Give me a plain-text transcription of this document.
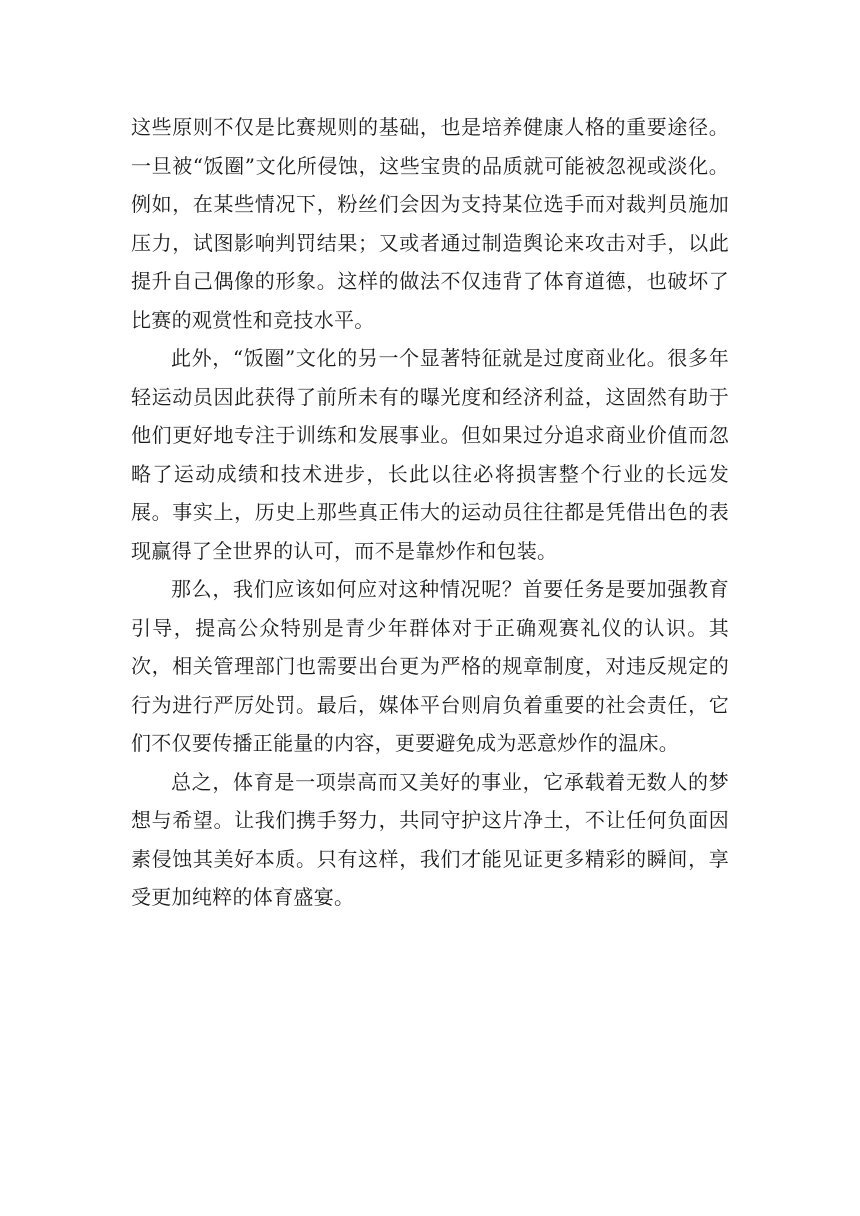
这些原则不仅是比赛规则的基础，也是培养健康人格的重要途径。一旦被“饭圈”文化所侵蚀，这些宝贵的品质就可能被忽视或淡化。例如，在某些情况下，粉丝们会因为支持某位选手而对裁判员施加压力，试图影响判罚结果；又或者通过制造舆论来攻击对手，以此提升自己偶像的形象。这样的做法不仅违背了体育道德，也破坏了比赛的观赏性和竞技水平。

此外，“饭圈”文化的另一个显著特征就是过度商业化。很多年轻运动员因此获得了前所未有的曝光度和经济利益，这固然有助于他们更好地专注于训练和发展事业。但如果过分追求商业价值而忽略了运动成绩和技术进步，长此以往必将损害整个行业的长远发展。事实上，历史上那些真正伟大的运动员往往都是凭借出色的表现赢得了全世界的认可，而不是靠炒作和包装。

那么，我们应该如何应对这种情况呢？首要任务是要加强教育引导，提高公众特别是青少年群体对于正确观赛礼仪的认识。其次，相关管理部门也需要出台更为严格的规章制度，对违反规定的行为进行严厉处罚。最后，媒体平台则肩负着重要的社会责任，它们不仅要传播正能量的内容，更要避免成为恶意炒作的温床。

总之，体育是一项崇高而又美好的事业，它承载着无数人的梦想与希望。让我们携手努力，共同守护这片净土，不让任何负面因素侵蚀其美好本质。只有这样，我们才能见证更多精彩的瞬间，享受更加纯粹的体育盛宴。
